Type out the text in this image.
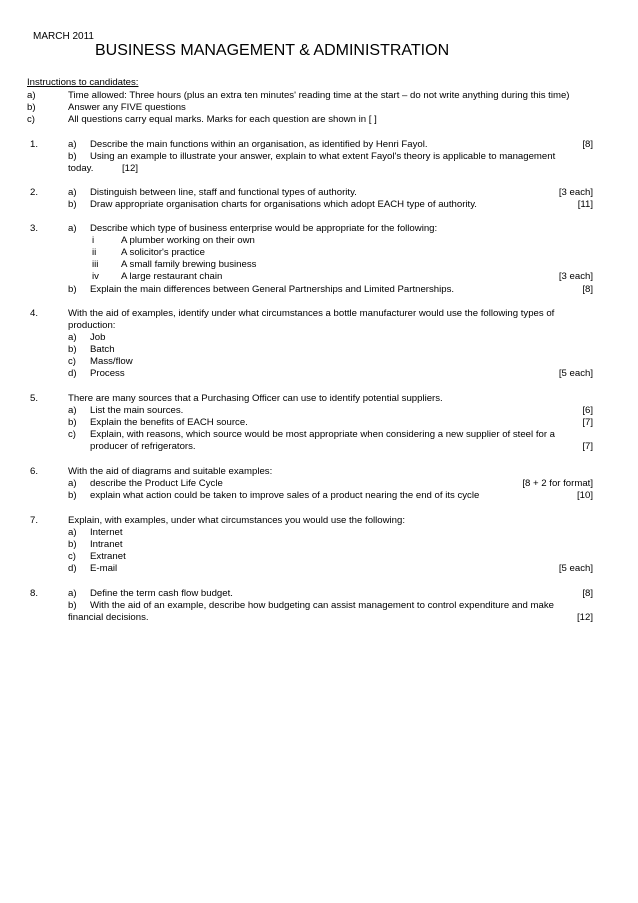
MARCH 2011
BUSINESS MANAGEMENT & ADMINISTRATION
Instructions to candidates:
a)	Time allowed: Three hours (plus an extra ten minutes' reading time at the start – do not write anything during this time)
b)	Answer any FIVE questions
c)	All questions carry equal marks. Marks for each question are shown in [ ]
1.	a) Describe the main functions within an organisation, as identified by Henri Fayol.	[8]
b) Using an example to illustrate your answer, explain to what extent Fayol's theory is applicable to management
today.	[12]
2.	a) Distinguish between line, staff and functional types of authority.	[3 each]
b) Draw appropriate organisation charts for organisations which adopt EACH type of authority.	[11]
3.	a) Describe which type of business enterprise would be appropriate for the following:
i	A plumber working on their own
ii	A solicitor's practice
iii A small family brewing business
iv A large restaurant chain	[3 each]
b) Explain the main differences between General Partnerships and Limited Partnerships.	[8]
4.	With the aid of examples, identify under what circumstances a bottle manufacturer would use the following types of
production:
a) Job
b) Batch
c) Mass/flow
d) Process	[5 each]
5.	There are many sources that a Purchasing Officer can use to identify potential suppliers.
a) List the main sources.	[6]
b) Explain the benefits of EACH source.	[7]
c) Explain, with reasons, which source would be most appropriate when considering a new supplier of steel for a
producer of refrigerators.	[7]
6.	With the aid of diagrams and suitable examples:
a) describe the Product Life Cycle	[8 + 2 for format]
b) explain what action could be taken to improve sales of a product nearing the end of its cycle	[10]
7.	Explain, with examples, under what circumstances you would use the following:
a) Internet
b) Intranet
c) Extranet
d) E-mail	[5 each]
8.	a) Define the term cash flow budget.	[8]
b) With the aid of an example, describe how budgeting can assist management to control expenditure and make
financial decisions.	[12]
